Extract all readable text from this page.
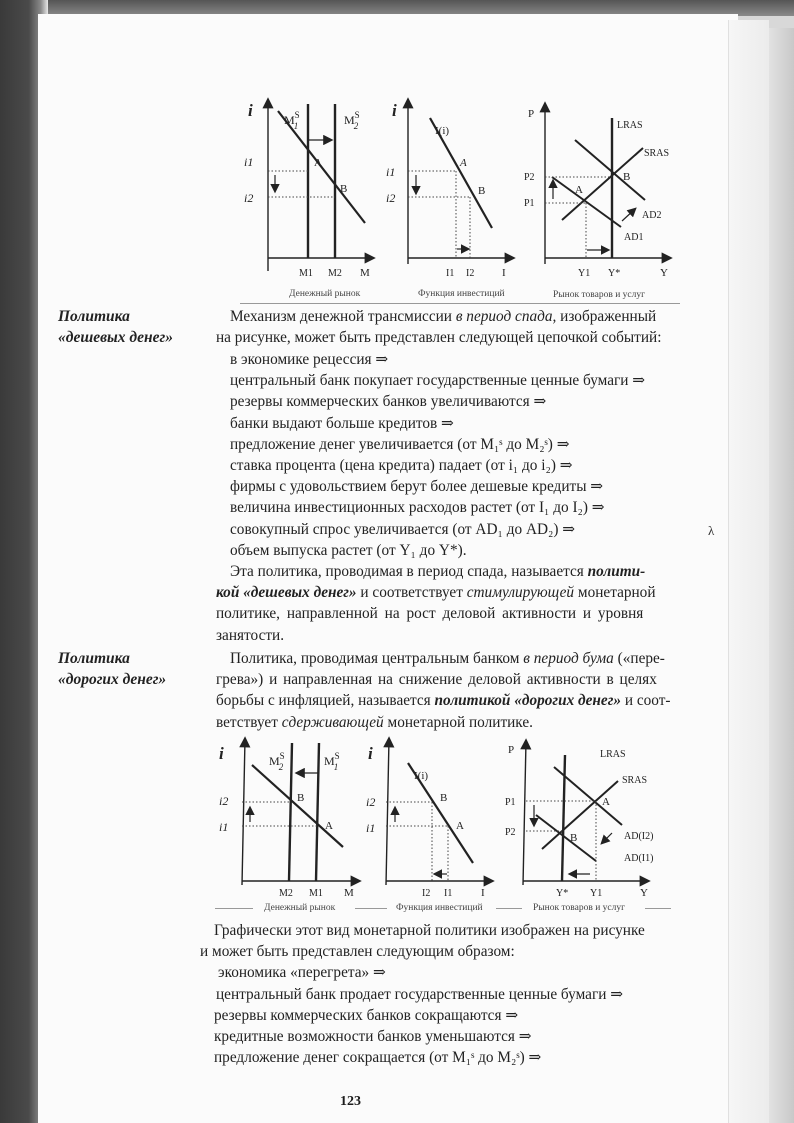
i
i1
i2
$M^S$ 1	$M^S$ 2
A
B
M1 M2 M
i
i1
i2
I(i)
A
B
I1 I2	I
P
P2
P1
LRAS
SRAS
AD2
AD1
A
B
Y1 Y*	Y
Денежный рынок	Функция инвестиций	Рынок товаров и услуг
Политика
«дешевых денег»
Механизм денежной трансмиссии в период спада, изображенный
на рисунке, может быть представлен следующей цепочкой событий:
в экономике рецессия ⇒
центральный банк покупает государственные ценные бумаги ⇒
резервы коммерческих банков увеличиваются ⇒
банки выдают больше кредитов ⇒
предложение денег увеличивается (от M₁ˢ до M₂ˢ) ⇒
ставка процента (цена кредита) падает (от i₁ до i₂) ⇒
фирмы с удовольствием берут более дешевые кредиты ⇒
величина инвестиционных расходов растет (от I₁ до I₂) ⇒
совокупный спрос увеличивается (от AD₁ до AD₂) ⇒
объем выпуска растет (от Y₁ до Y*).
Эта политика, проводимая в период спада, называется полити-
кой «дешевых денег» и соответствует стимулирующей монетарной
политике, направленной на рост деловой активности и уровня
занятости.
Политика
«дорогих денег»
Политика, проводимая центральным банком в период бума («пере-
грева») и направленная на снижение деловой активности в целях
борьбы с инфляцией, называется политикой «дорогих денег» и соот-
ветствует сдерживающей монетарной политике.
i
i2
i1
$M^S$ 2	$M^S$ 1
B
A
M2 M1 M
i
i2
i1
I(i)
B
A
I2 I1	I
P
P1
P2
LRAS
SRAS
AD(I2)
AD(I1)
A
B
Y* Y1	Y
Денежный рынок	Функция инвестиций	Рынок товаров и услуг
Графически этот вид монетарной политики изображен на рисунке
и может быть представлен следующим образом:
экономика «перегрета» ⇒
центральный банк продает государственные ценные бумаги ⇒
резервы коммерческих банков сокращаются ⇒
кредитные возможности банков уменьшаются ⇒
предложение денег сокращается (от M₁ˢ до M₂ˢ) ⇒
λ
123
